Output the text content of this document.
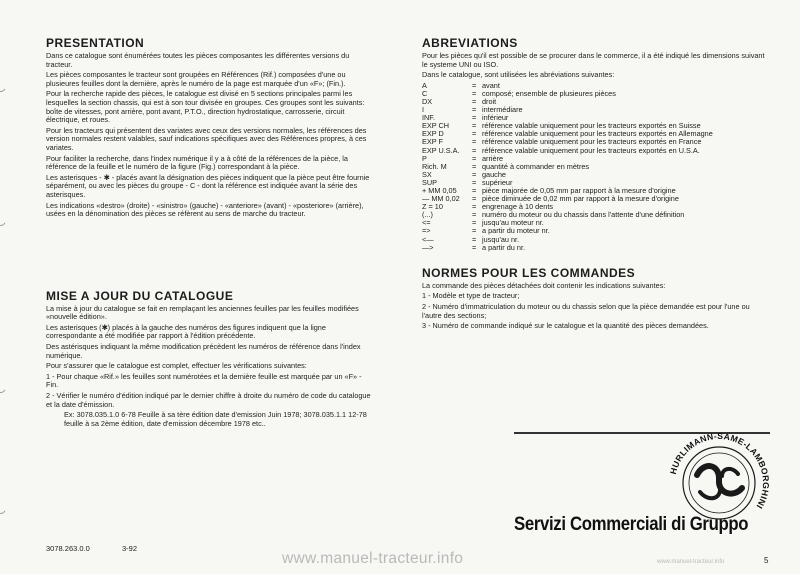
PRESENTATION

Dans ce catalogue sont énumérées toutes les pièces composantes les différentes versions du tracteur.

Les pièces composantes le tracteur sont groupées en Références (Rif.) composées d'une ou plusieures feuilles dont la dernière, après le numéro de la page est marquée d'un «F»; (Fin.).

Pour la recherche rapide des pièces, le catalogue est divisé en 5 sections principales parmi les lesquelles la section chassis, qui est à son tour divisée en groupes. Ces groupes sont les suivants: boîte de vitesses, pont arrière, pont avant, P.T.O., direction hydrostatique, carrosserie, circuit électrique, et roues.

Pour les tracteurs qui présentent des variates avec ceux des versions normales, les références des version normales restent valables, sauf indications spécifiques avec des Références propres, à ces variates.

Pour faciliter la recherche, dans l'index numérique il y a à côté de la références de la pièce, la référence de la feuille et le numéro de la figure (Fig.) correspondant à la pièce.

Les asterisques - ✱ - placés avant la désignation des pièces indiquent que la pièce peut être fournie séparément, ou avec les pièces du groupe - C - dont la référence est indiquée avant la série des asterisques.

Les indications «destro» (droite) - «sinistro» (gauche) - «anteriore» (avant) - «posteriore» (arrière), usées en la dénomination des pièces se réfèrent au sens de marche du tracteur.

MISE A JOUR DU CATALOGUE

La mise à jour du catalogue se fait en remplaçant les anciennes feuilles par les feuilles modifiées «nouvelle édition».

Les asterisques (✱) placés à la gauche des numéros des figures indiquent que la ligne correspondante a été modifiée par rapport à l'édition précédente.

Des astérisques indiquant la même modification précèdent les numéros de référence dans l'index numérique.

Pour s'assurer que le catalogue est complet, effectuer les vérifications suivantes:

1 - Pour chaque «Rif.» les feuilles sont numérotées et la dernière feuille est marquée par un «F» - Fin.

2 - Vérifier le numéro d'édition indiqué par le dernier chiffre à droite du numéro de code du catalogue et la date d'émission.

Ex: 3078.035.1.0 6-78 Feuille à sa tère édition date d'emission Juin 1978; 3078.035.1.1 12-78 feuille à sa 2ème édition, date d'emission décembre 1978 etc..

ABREVIATIONS

Pour les pièces qu'il est possible de se procurer dans le commerce, il a été indiqué les dimensions suivant le systeme UNI ou ISO.

Dans le catalogue, sont utilisées les abréviations suivantes:

A	=	avant
C	=	composé; ensemble de plusieures pièces
DX	=	droit
I	=	intermédiare
INF.	=	inférieur
EXP CH	=	référence valable uniquement pour les tracteurs exportés en Suisse
EXP D	=	référence valable uniquement pour les tracteurs exportés en Allemagne
EXP F	=	référence valable uniquement pour les tracteurs exportés en France
EXP U.S.A.	=	référence valable uniquement pour les tracteurs exportés en U.S.A.
P	=	arrière
Rich. M	=	quantité à commander en mètres
SX	=	gauche
SUP	=	supérieur
+ MM 0,05	=	pièce majorée de 0,05 mm par rapport à la mesure d'origine
— MM 0,02	=	pièce diminuée de 0,02 mm par rapport à la mesure d'origine
Z = 10	=	engrenage à 10 dents
(...)	=	numéro du moteur ou du chassis dans l'attente d'une définition
<=	=	jusqu'au moteur nr.
=>	=	a partir du moteur nr.
<—	=	jusqu'au nr.
—>	=	a partir du nr.
NORMES POUR LES COMMANDES

La commande des pièces détachées doit contenir les indications suivantes:

1 - Modèle et type de tracteur;

2 - Numéro d'immatriculation du moteur ou du chassis selon que la pièce demandée est pour l'une ou l'autre des sections;

3 - Numéro de commande indiqué sur le catalogue et la quantité des pièces demandées.

HURLIMANN-SAME-LAMBORGHINI
Servizi Commerciali di Gruppo
3078.263.0.0	3-92
www.manuel-tracteur.info	www.manuel-tracteur.info	5
